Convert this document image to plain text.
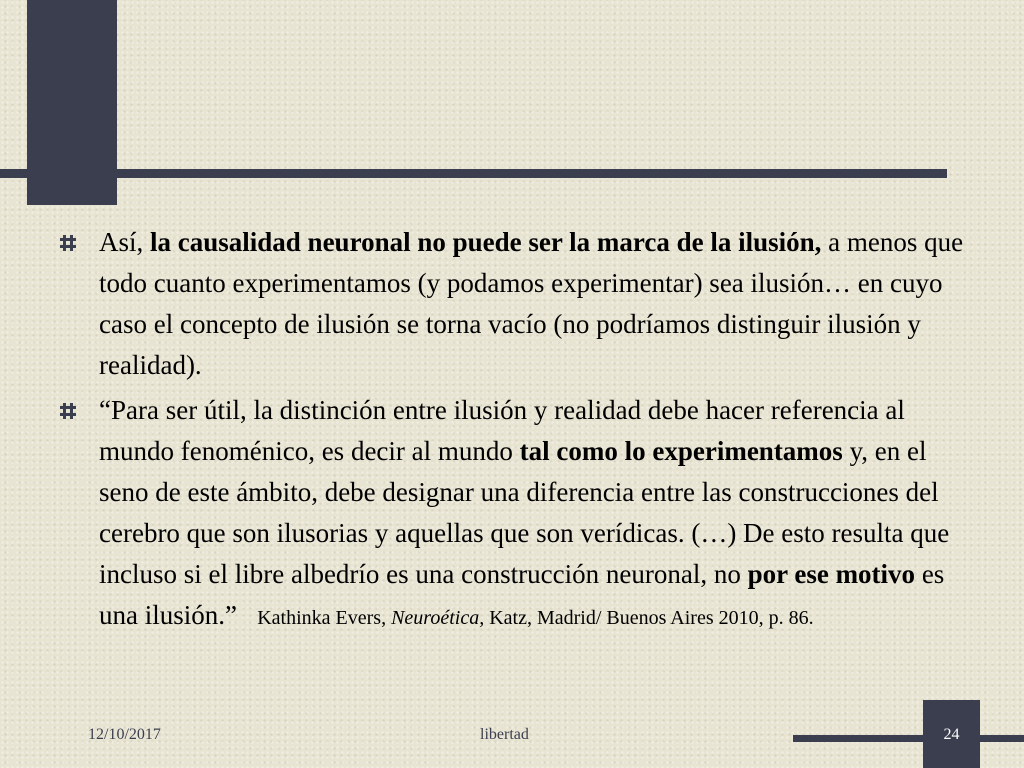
Así, la causalidad neuronal no puede ser la marca de la ilusión, a menos que todo cuanto experimentamos (y podamos experimentar) sea ilusión… en cuyo caso el concepto de ilusión se torna vacío (no podríamos distinguir ilusión y realidad).
“Para ser útil, la distinción entre ilusión y realidad debe hacer referencia al mundo fenoménico, es decir al mundo tal como lo experimentamos y, en el seno de este ámbito, debe designar una diferencia entre las construcciones del cerebro que son ilusorias y aquellas que son verídicas. (…) De esto resulta que incluso si el libre albedrío es una construcción neuronal, no por ese motivo es una ilusión.” Kathinka Evers, Neuroética, Katz, Madrid/ Buenos Aires 2010, p. 86.
12/10/2017	libertad	24
